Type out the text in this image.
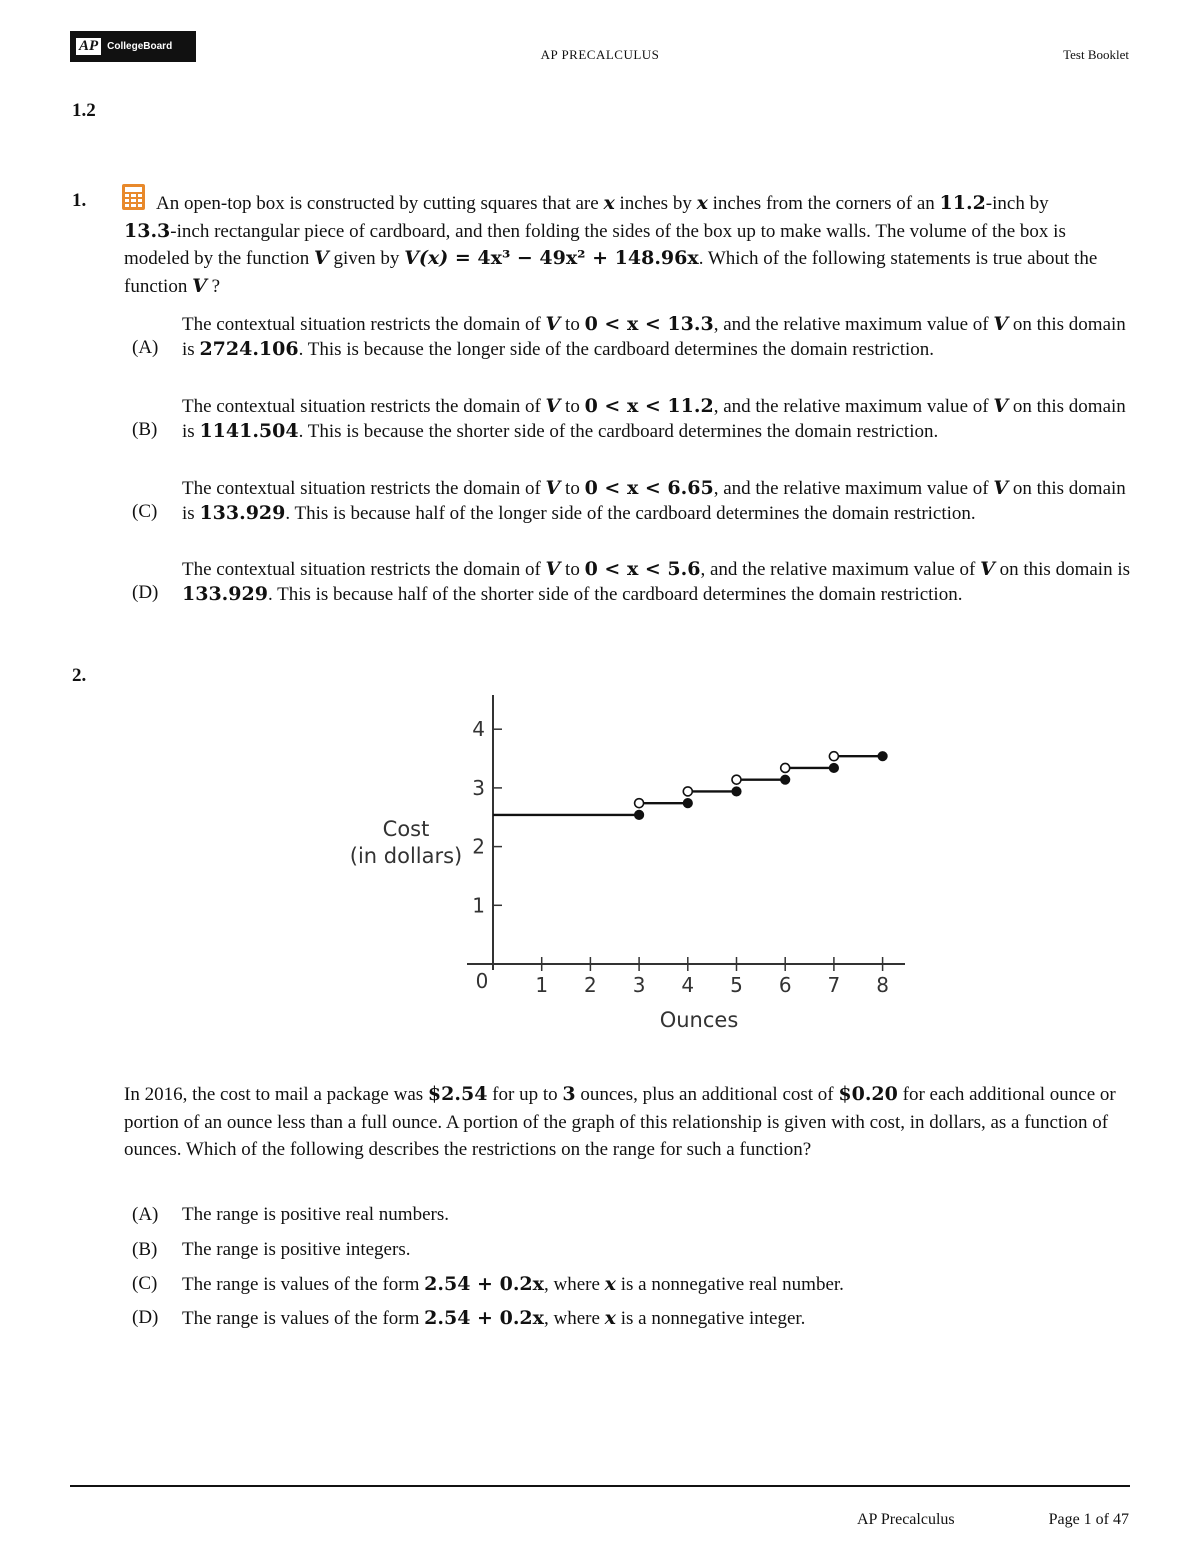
AP CollegeBoard
AP PRECALCULUS	Test Booklet
1.2
1.	An open-top box is constructed by cutting squares that are x inches by x inches from the corners of an 11.2-inch by 13.3-inch rectangular piece of cardboard, and then folding the sides of the box up to make walls. The volume of the box is modeled by the function V given by V(x) = 4x³ − 49x² + 148.96x. Which of the following statements is true about the function V ?
(A)
The contextual situation restricts the domain of V to 0 < x < 13.3, and the relative maximum value of V on this domain is 2724.106. This is because the longer side of the cardboard determines the domain restriction.
(B)
The contextual situation restricts the domain of V to 0 < x < 11.2, and the relative maximum value of V on this domain is 1141.504. This is because the shorter side of the cardboard determines the domain restriction.
(C)
The contextual situation restricts the domain of V to 0 < x < 6.65, and the relative maximum value of V on this domain is 133.929. This is because half of the longer side of the cardboard determines the domain restriction.
(D)
The contextual situation restricts the domain of V to 0 < x < 5.6, and the relative maximum value of V on this domain is 133.929. This is because half of the shorter side of the cardboard determines the domain restriction.
2.
1 2 3 4 5 6 7 8
1
2
3
4
Cost
(in dollars)
Ounces
0
In 2016, the cost to mail a package was $2.54 for up to 3 ounces, plus an additional cost of $0.20 for each additional ounce or portion of an ounce less than a full ounce. A portion of the graph of this relationship is given with cost, in dollars, as a function of ounces. Which of the following describes the restrictions on the range for such a function?
(A) The range is positive real numbers.
(B) The range is positive integers.
(C) The range is values of the form 2.54 + 0.2x, where x is a nonnegative real number.
(D) The range is values of the form 2.54 + 0.2x, where x is a nonnegative integer.
AP Precalculus	Page 1 of 47
